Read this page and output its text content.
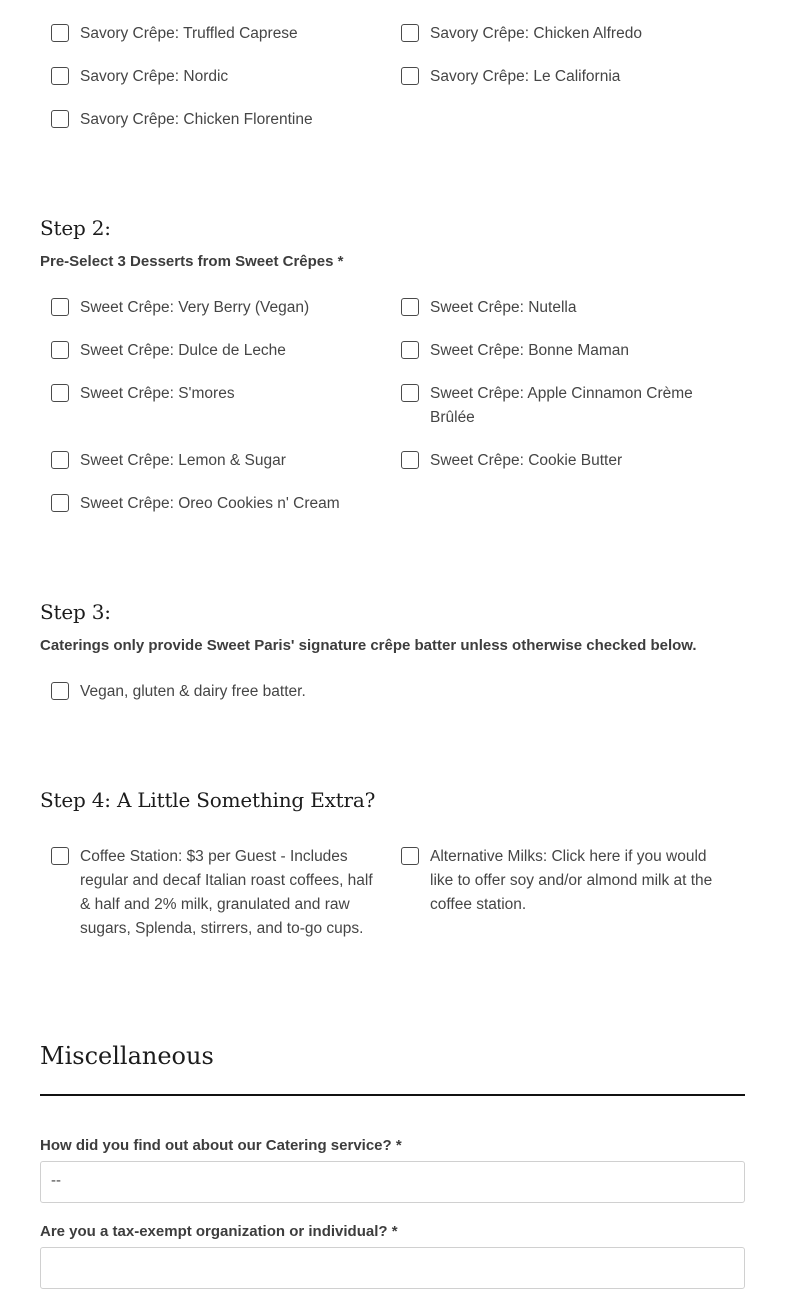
Savory Crêpe: Truffled Caprese	Savory Crêpe: Chicken Alfredo
Savory Crêpe: Nordic	Savory Crêpe: Le California
Savory Crêpe: Chicken Florentine
Step 2:
Pre-Select 3 Desserts from Sweet Crêpes *
Sweet Crêpe: Very Berry (Vegan)	Sweet Crêpe: Nutella
Sweet Crêpe: Dulce de Leche	Sweet Crêpe: Bonne Maman
Sweet Crêpe: S'mores	Sweet Crêpe: Apple Cinnamon Crème Brûlée
Sweet Crêpe: Lemon & Sugar	Sweet Crêpe: Cookie Butter
Sweet Crêpe: Oreo Cookies n' Cream
Step 3:
Caterings only provide Sweet Paris' signature crêpe batter unless otherwise checked below.
Vegan, gluten & dairy free batter.
Step 4: A Little Something Extra?
Coffee Station: $3 per Guest - Includes regular and decaf Italian roast coffees, half & half and 2% milk, granulated and raw sugars, Splenda, stirrers, and to-go cups.
Alternative Milks: Click here if you would like to offer soy and/or almond milk at the coffee station.
Miscellaneous
How did you find out about our Catering service? *
--
Are you a tax-exempt organization or individual? *
